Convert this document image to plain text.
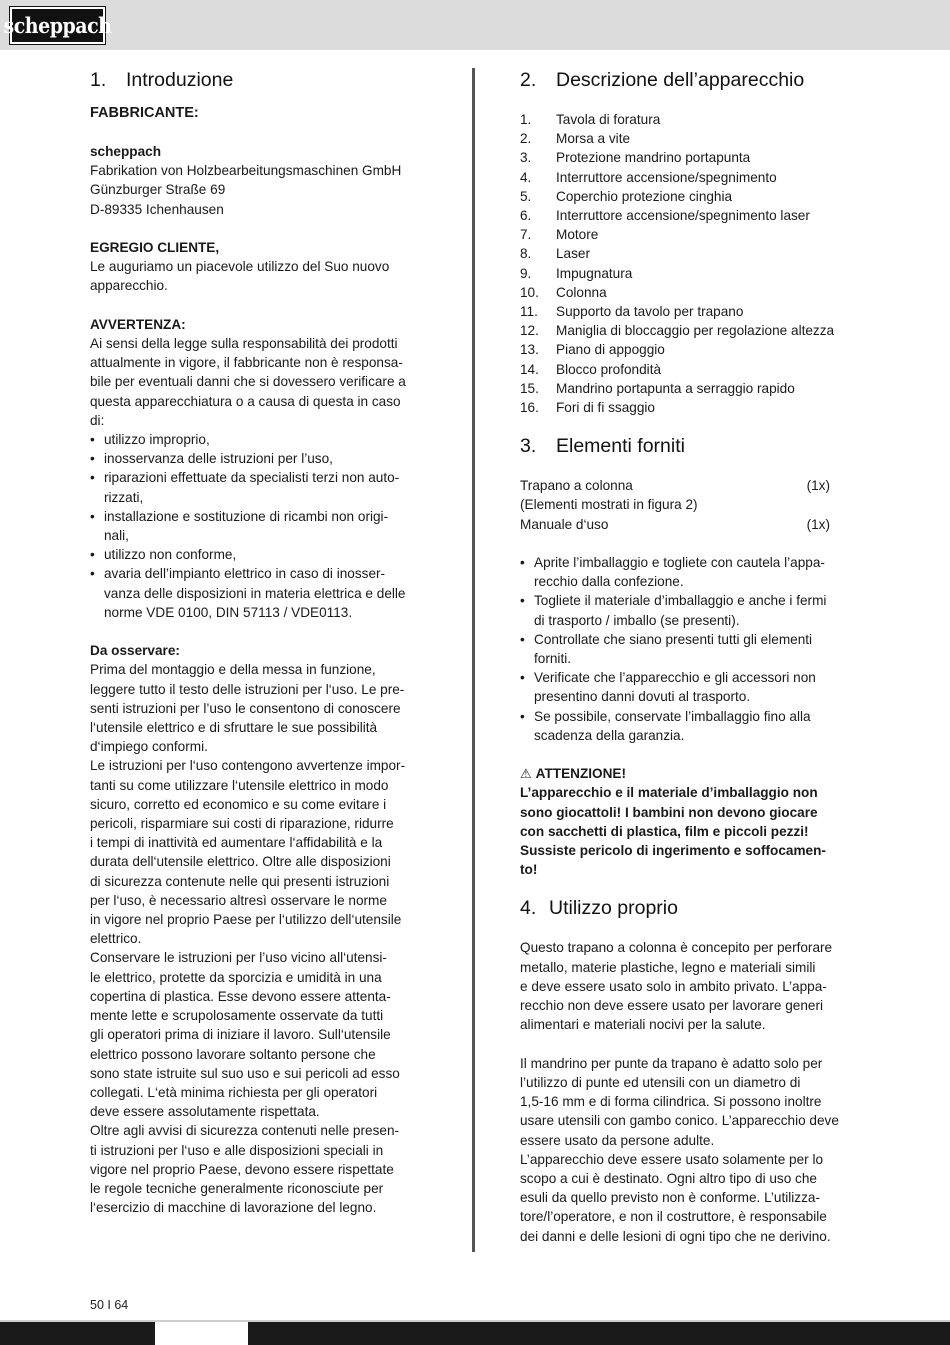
scheppach
1.	Introduzione

FABBRICANTE:

scheppach

Fabrikation von Holzbearbeitungsmaschinen GmbH

Günzburger Straße 69

D-89335 Ichenhausen

EGREGIO CLIENTE,

Le auguriamo un piacevole utilizzo del Suo nuovo

apparecchio.

AVVERTENZA:

Ai sensi della legge sulla responsabilità dei prodotti

attualmente in vigore, il fabbricante non è responsa-

bile per eventuali danni che si dovessero verificare a

questa apparecchiatura o a causa di questa in caso

di:

• utilizzo improprio,
• inosservanza delle istruzioni per l’uso,
• riparazioni effettuate da specialisti terzi non auto-
rizzati,
• installazione e sostituzione di ricambi non origi-
nali,
• utilizzo non conforme,
• avaria dell’impianto elettrico in caso di inosser-
vanza delle disposizioni in materia elettrica e delle
norme VDE 0100, DIN 57113 / VDE0113.

Da osservare:

Prima del montaggio e della messa in funzione,

leggere tutto il testo delle istruzioni per l‘uso. Le pre-

senti istruzioni per l’uso le consentono di conoscere

l‘utensile elettrico e di sfruttare le sue possibilità

d‘impiego conformi.

Le istruzioni per l‘uso contengono avvertenze impor-

tanti su come utilizzare l‘utensile elettrico in modo

sicuro, corretto ed economico e su come evitare i

pericoli, risparmiare sui costi di riparazione, ridurre

i tempi di inattività ed aumentare l‘affidabilità e la

durata dell‘utensile elettrico. Oltre alle disposizioni

di sicurezza contenute nelle qui presenti istruzioni

per l‘uso, è necessario altresì osservare le norme

in vigore nel proprio Paese per l‘utilizzo dell‘utensile

elettrico.

Conservare le istruzioni per l’uso vicino all‘utensi-

le elettrico, protette da sporcizia e umidità in una

copertina di plastica. Esse devono essere attenta-

mente lette e scrupolosamente osservate da tutti

gli operatori prima di iniziare il lavoro. Sull‘utensile

elettrico possono lavorare soltanto persone che

sono state istruite sul suo uso e sui pericoli ad esso

collegati. L‘età minima richiesta per gli operatori

deve essere assolutamente rispettata.

Oltre agli avvisi di sicurezza contenuti nelle presen-

ti istruzioni per l‘uso e alle disposizioni speciali in

vigore nel proprio Paese, devono essere rispettate

le regole tecniche generalmente riconosciute per

l‘esercizio di macchine di lavorazione del legno.

2.	Descrizione dell’apparecchio
1.	Tavola di foratura
2.	Morsa a vite
3.	Protezione mandrino portapunta
4.	Interruttore accensione/spegnimento
5.	Coperchio protezione cinghia
6.	Interruttore accensione/spegnimento laser
7.	Motore
8.	Laser
9.	Impugnatura
10.	Colonna
11.	Supporto da tavolo per trapano
12.	Maniglia di bloccaggio per regolazione altezza
13.	Piano di appoggio
14.	Blocco profondità
15.	Mandrino portapunta a serraggio rapido
16.	Fori di fi ssaggio
3.	Elementi forniti
Trapano a colonna	(1x)
(Elementi mostrati in figura 2)
Manuale d‘uso	(1x)
• Aprite l’imballaggio e togliete con cautela l’appa-
recchio dalla confezione.
• Togliete il materiale d’imballaggio e anche i fermi
di trasporto / imballo (se presenti).
• Controllate che siano presenti tutti gli elementi
forniti.
• Verificate che l’apparecchio e gli accessori non
presentino danni dovuti al trasporto.
• Se possibile, conservate l’imballaggio fino alla
scadenza della garanzia.

⚠ ATTENZIONE!

L’apparecchio e il materiale d’imballaggio non

sono giocattoli! I bambini non devono giocare

con sacchetti di plastica, film e piccoli pezzi!

Sussiste pericolo di ingerimento e soffocamen-

to!

4. Utilizzo proprio

Questo trapano a colonna è concepito per perforare

metallo, materie plastiche, legno e materiali simili

e deve essere usato solo in ambito privato. L’appa-

recchio non deve essere usato per lavorare generi

alimentari e materiali nocivi per la salute.

Il mandrino per punte da trapano è adatto solo per

l’utilizzo di punte ed utensili con un diametro di

1,5-16 mm e di forma cilindrica. Si possono inoltre

usare utensili con gambo conico. L’apparecchio deve

essere usato da persone adulte.

L’apparecchio deve essere usato solamente per lo

scopo a cui è destinato. Ogni altro tipo di uso che

esuli da quello previsto non è conforme. L’utilizza-

tore/l’operatore, e non il costruttore, è responsabile

dei danni e delle lesioni di ogni tipo che ne derivino.

50 I 64
